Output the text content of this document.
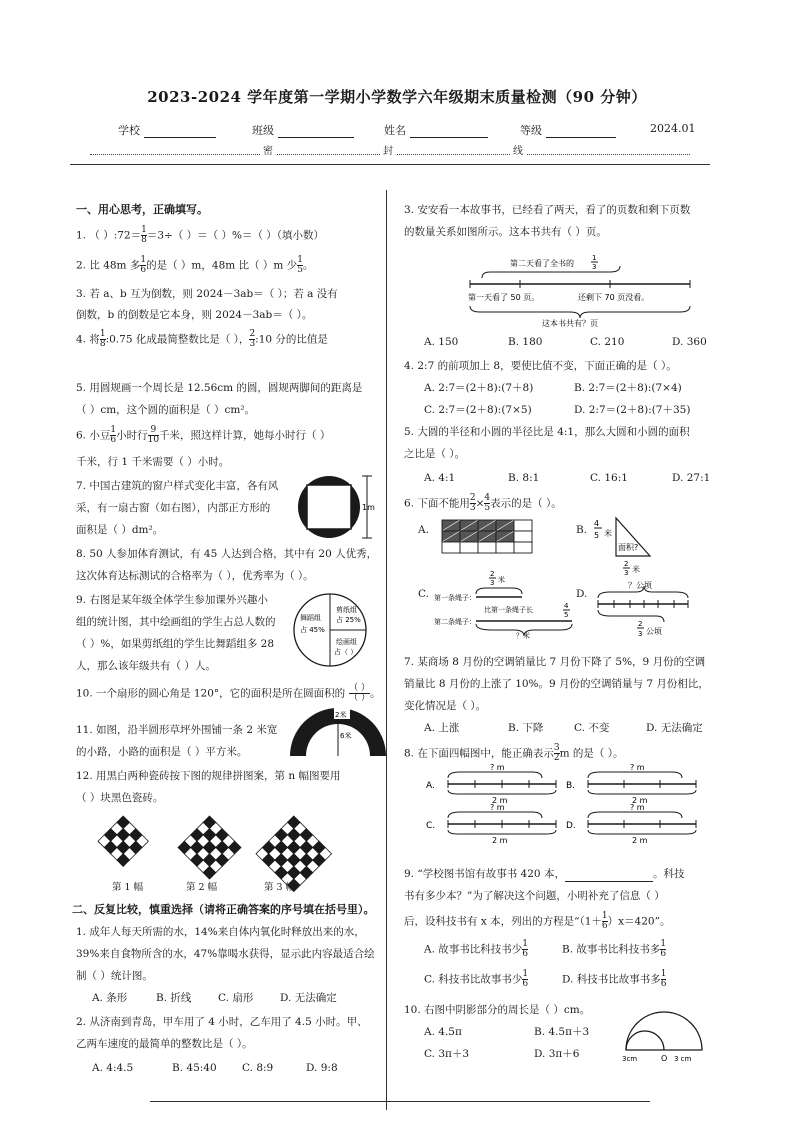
2023-2024 学年度第一学期小学数学六年级期末质量检测（90 分钟）
学校	班级	姓名	等级	2024.01
密	封	线
一、用心思考，正确填写。
1. （ ）:72＝ $\frac{1}{8} =3\div$（ ）＝（ ）%＝（ ）（填小数）
2. 比 48m 多 $\frac{1}{6}$ 的是（ ）m，48m 比（ ）m 少 $\frac{1}{5}$ 。
3. 若 a、b 互为倒数，则 2024－3ab＝（ ）；若 a 没有
倒数，b 的倒数是它本身，则 2024－3ab＝（ ）。
4. 将 $\frac{1}{8}$ :0.75 化成最简整数比是（ ）， $\frac{2}{3}$ :10 分的比值是
5. 用圆规画一个周长是 12.56cm 的圆，圆规两脚间的距离是
（ ）cm，这个圆的面积是（ ）cm²。
6. 小豆 $\frac{1}{6}$ 小时行 $\frac{9}{10}$ 千米，照这样计算，她每小时行（ ）
千米，行 1 千米需要（ ）小时。
7. 中国古建筑的窗户样式变化丰富，各有风
采，有一扇古窗（如右图），内部正方形的
面积是（ ）dm²。
1m
8. 50 人参加体育测试，有 45 人达到合格，其中有 20 人优秀，
这次体育达标测试的合格率为（ ），优秀率为（ ）。
9. 右图是某年级全体学生参加课外兴趣小
组的统计图，其中绘画组的学生占总人数的
（ ）%，如果剪纸组的学生比舞蹈组多 28
人，那么该年级共有（ ）人。
舞蹈组
占 45%
剪纸组
占 25%
绘画组
占（ ）
10. 一个扇形的圆心角是 120°，它的面积是所在圆面积的 （ ）
（ ） 。
11. 如图，沿半圆形草坪外围铺一条 2 米宽
的小路，小路的面积是（ ）平方米。
2米
6米
12. 用黑白两种瓷砖按下图的规律拼图案，第 n 幅图要用
（ ）块黑色瓷砖。
第 1 幅	第 2 幅	第 3 幅
二、反复比较，慎重选择（请将正确答案的序号填在括号里）。
1. 成年人每天所需的水，14%来自体内氧化时释放出来的水，
39%来自食物所含的水，47%靠喝水获得，显示此内容最适合绘
制（ ）统计图。
A. 条形	B. 折线	C. 扇形	D. 无法确定
2. 从济南到青岛，甲车用了 4 小时，乙车用了 4.5 小时。甲、
乙两车速度的最简单的整数比是（ ）。
A. 4:4.5	B. 45:40	C. 8:9	D. 9:8
3. 安安看一本故事书，已经看了两天，看了的页数和剩下页数
的数量关系如图所示。这本书共有（ ）页。
第二天看了全书的
1
3
第一天看了 50 页。	还剩下 70 页没看。
这本书共有？页
A. 150	B. 180	C. 210	D. 360
4. 2:7 的前项加上 8，要使比值不变，下面正确的是（ ）。
A. 2:7＝(2＋8):(7＋8)	B. 2:7＝(2＋8):(7×4)
C. 2:7＝(2＋8):(7×5)	D. 2:7＝(2＋8):(7＋35)
5. 大圆的半径和小圆的半径比是 4:1，那么大圆和小圆的面积
之比是（ ）。
A. 4:1	B. 8:1	C. 16:1	D. 27:1
6. 下面不能用 $\frac{2}{3} \times \frac{4}{5}$ 表示的是（ ）。
A.	B.
4
5 米
面积?
2
3 米
C.
2
3 米
第一条绳子：
比第一条绳子长	4
5
第二条绳子：
？米
D.
？公顷
2
3 公顷
7. 某商场 8 月份的空调销量比 7 月份下降了 5%，9 月份的空调
销量比 8 月份的上涨了 10%。9 月份的空调销量与 7 月份相比，
变化情况是（ ）。
A. 上涨	B. 下降	C. 不变	D. 无法确定
8. 在下面四幅图中，能正确表示 $\frac{3}{2}$ m 的是（ ）。
A.
? m
2 m
B.
? m
2 m
C.
? m
2 m
D.
? m
2 m
9. “学校图书馆有故事书 420 本，	。科技
书有多少本？”为了解决这个问题，小明补充了信息（ ）
后，设科技书有 x 本，列出的方程是“$(1+ \frac{1}{6} )x=420$”。
A. 故事书比科技书少 $\frac{1}{6}$	B. 故事书比科技书多 $\frac{1}{6}$
C. 科技书比故事书少 $\frac{1}{6}$	D. 科技书比故事书多 $\frac{1}{6}$
10. 右图中阴影部分的周长是（ ）cm。
A. 4.5π	B. 4.5π＋3
C. 3π＋3	D. 3π＋6	3cm	O 3 cm
